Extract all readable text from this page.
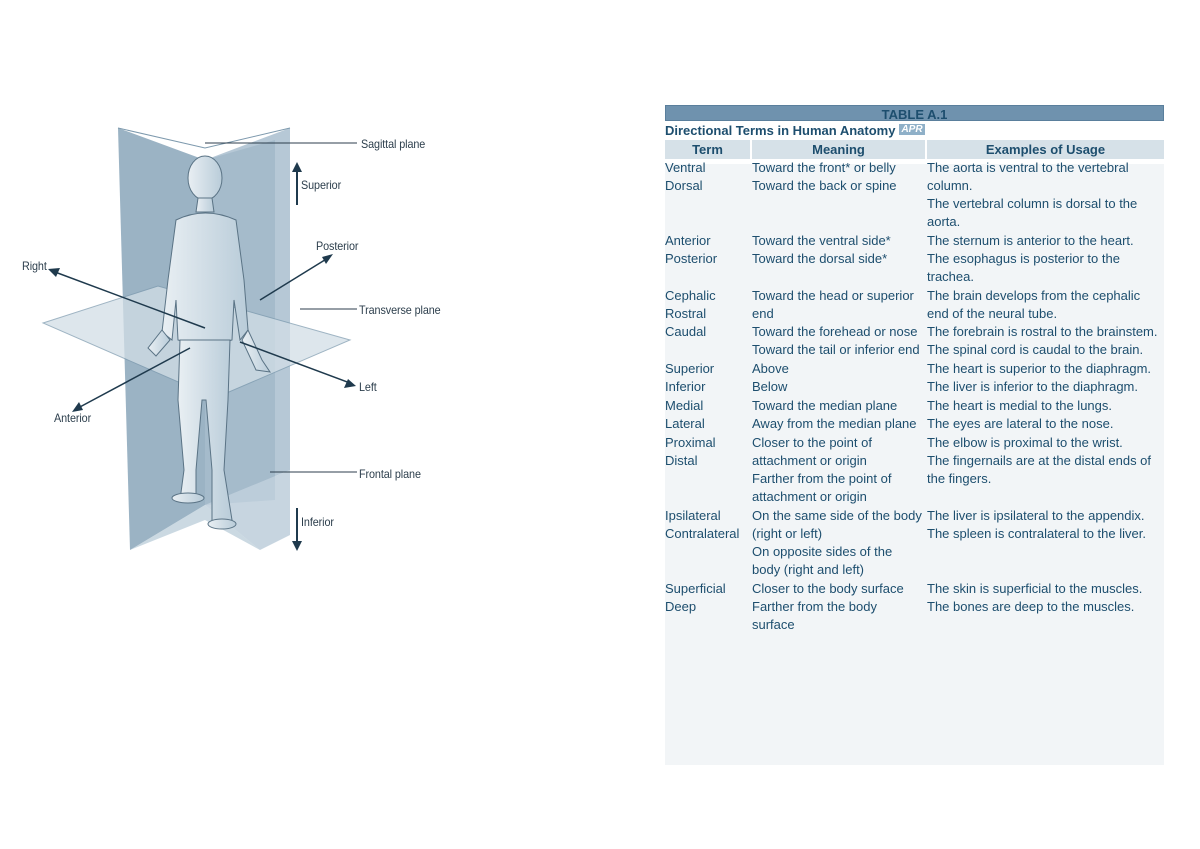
Sagittal plane
Superior
Posterior
Right
Transverse plane
Left
Anterior
Frontal plane
Inferior
TABLE A.1
Directional Terms in Human Anatomy $^{APR}$
Term	Meaning	Examples of Usage
Ventral
Dorsal
Toward the front* or belly
Toward the back or spine
The aorta is ventral to the vertebral column.
The vertebral column is dorsal to the aorta.
Anterior
Posterior
Toward the ventral side*
Toward the dorsal side*
The sternum is anterior to the heart.
The esophagus is posterior to the trachea.
Cephalic
Rostral
Caudal
Toward the head or superior end
Toward the forehead or nose
Toward the tail or inferior end
The brain develops from the cephalic end of the neural tube.
The forebrain is rostral to the brainstem.
The spinal cord is caudal to the brain.
Superior
Inferior
Above
Below
The heart is superior to the diaphragm.
The liver is inferior to the diaphragm.
Medial
Lateral
Toward the median plane
Away from the median plane
The heart is medial to the lungs.
The eyes are lateral to the nose.
Proximal
Distal
Closer to the point of attachment or origin
Farther from the point of attachment or origin
The elbow is proximal to the wrist.
The fingernails are at the distal ends of the fingers.
Ipsilateral
Contralateral
On the same side of the body (right or left)
On opposite sides of the body (right and left)
The liver is ipsilateral to the appendix.
The spleen is contralateral to the liver.
Superficial
Deep
Closer to the body surface
Farther from the body surface
The skin is superficial to the muscles.
The bones are deep to the muscles.
